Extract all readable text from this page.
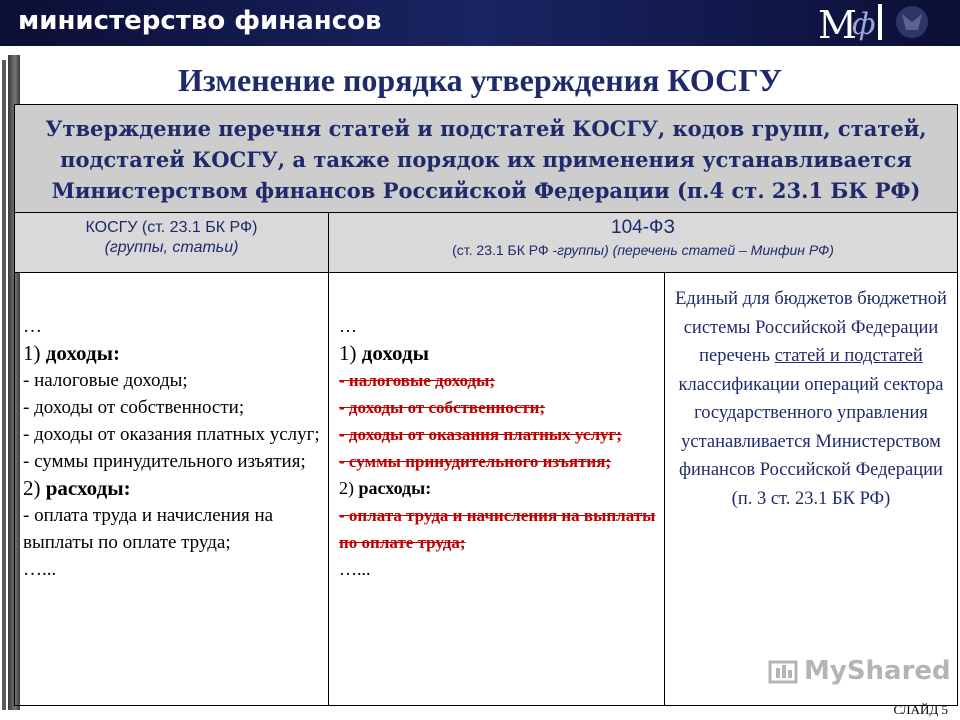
министерство финансов	М
ф
Изменение порядка утверждения КОСГУ
Утверждение перечня статей и подстатей КОСГУ, кодов групп, статей,
подстатей КОСГУ, а также порядок их применения устанавливается
Министерством финансов Российской Федерации (п.4 ст. 23.1 БК РФ)
КОСГУ (ст. 23.1 БК РФ)
(группы, статьи)
104-ФЗ
(ст. 23.1 БК РФ -группы) (перечень статей – Минфин РФ)
…
1) доходы:
- налоговые доходы;
- доходы от собственности;
- доходы от оказания платных услуг;
- суммы принудительного изъятия;
2) расходы:
- оплата труда и начисления на выплаты по оплате труда;
…...
…
1) доходы
- налоговые доходы;
- доходы от собственности;
- доходы от оказания платных услуг;
- суммы принудительного изъятия;
2) расходы:
- оплата труда и начисления на выплаты по оплате труда;
…...
Единый для бюджетов бюджетной системы Российской Федерации перечень статей и подстатей классификации операций сектора государственного управления устанавливается Министерством финансов Российской Федерации
(п. 3 ст. 23.1 БК РФ)
MyShared
СЛАЙД 5
